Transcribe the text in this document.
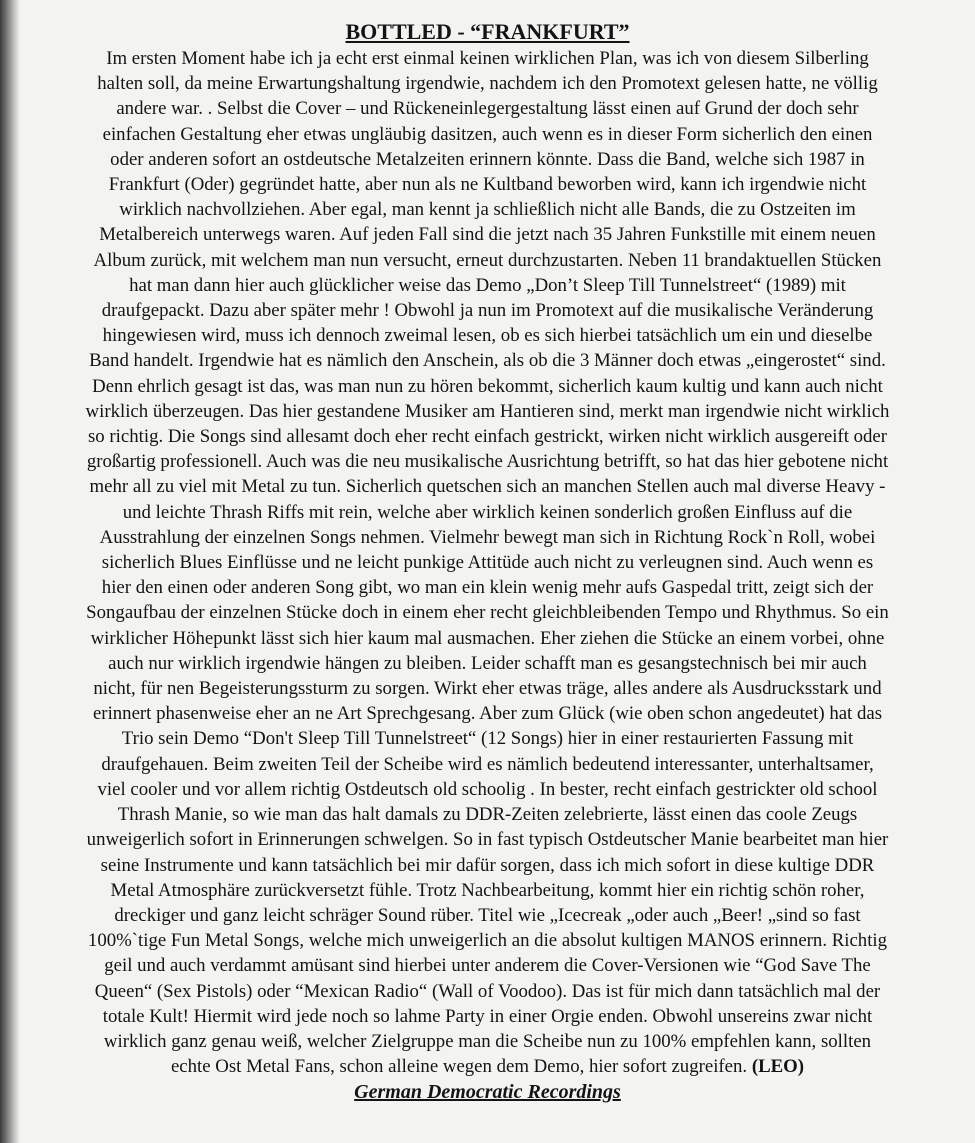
BOTTLED - “FRANKFURT”
Im ersten Moment habe ich ja echt erst einmal keinen wirklichen Plan, was ich von diesem Silberling
halten soll, da meine Erwartungshaltung irgendwie, nachdem ich den Promotext gelesen hatte, ne völlig
andere war. . Selbst die Cover – und Rückeneinlegergestaltung lässt einen auf Grund der doch sehr
einfachen Gestaltung eher etwas ungläubig dasitzen, auch wenn es in dieser Form sicherlich den einen
oder anderen sofort an ostdeutsche Metalzeiten erinnern könnte. Dass die Band, welche sich 1987 in
Frankfurt (Oder) gegründet hatte, aber nun als ne Kultband beworben wird, kann ich irgendwie nicht
wirklich nachvollziehen. Aber egal, man kennt ja schließlich nicht alle Bands, die zu Ostzeiten im
Metalbereich unterwegs waren. Auf jeden Fall sind die jetzt nach 35 Jahren Funkstille mit einem neuen
Album zurück, mit welchem man nun versucht, erneut durchzustarten. Neben 11 brandaktuellen Stücken
hat man dann hier auch glücklicher weise das Demo „Don’t Sleep Till Tunnelstreet“ (1989) mit
draufgepackt. Dazu aber später mehr ! Obwohl ja nun im Promotext auf die musikalische Veränderung
hingewiesen wird, muss ich dennoch zweimal lesen, ob es sich hierbei tatsächlich um ein und dieselbe
Band handelt. Irgendwie hat es nämlich den Anschein, als ob die 3 Männer doch etwas „eingerostet“ sind.
Denn ehrlich gesagt ist das, was man nun zu hören bekommt, sicherlich kaum kultig und kann auch nicht
wirklich überzeugen. Das hier gestandene Musiker am Hantieren sind, merkt man irgendwie nicht wirklich
so richtig. Die Songs sind allesamt doch eher recht einfach gestrickt, wirken nicht wirklich ausgereift oder
großartig professionell. Auch was die neu musikalische Ausrichtung betrifft, so hat das hier gebotene nicht
mehr all zu viel mit Metal zu tun. Sicherlich quetschen sich an manchen Stellen auch mal diverse Heavy -
und leichte Thrash Riffs mit rein, welche aber wirklich keinen sonderlich großen Einfluss auf die
Ausstrahlung der einzelnen Songs nehmen. Vielmehr bewegt man sich in Richtung Rock`n Roll, wobei
sicherlich Blues Einflüsse und ne leicht punkige Attitüde auch nicht zu verleugnen sind. Auch wenn es
hier den einen oder anderen Song gibt, wo man ein klein wenig mehr aufs Gaspedal tritt, zeigt sich der
Songaufbau der einzelnen Stücke doch in einem eher recht gleichbleibenden Tempo und Rhythmus. So ein
wirklicher Höhepunkt lässt sich hier kaum mal ausmachen. Eher ziehen die Stücke an einem vorbei, ohne
auch nur wirklich irgendwie hängen zu bleiben. Leider schafft man es gesangstechnisch bei mir auch
nicht, für nen Begeisterungssturm zu sorgen. Wirkt eher etwas träge, alles andere als Ausdrucksstark und
erinnert phasenweise eher an ne Art Sprechgesang. Aber zum Glück (wie oben schon angedeutet) hat das
Trio sein Demo “Don't Sleep Till Tunnelstreet“ (12 Songs) hier in einer restaurierten Fassung mit
draufgehauen. Beim zweiten Teil der Scheibe wird es nämlich bedeutend interessanter, unterhaltsamer,
viel cooler und vor allem richtig Ostdeutsch old schoolig . In bester, recht einfach gestrickter old school
Thrash Manie, so wie man das halt damals zu DDR-Zeiten zelebrierte, lässt einen das coole Zeugs
unweigerlich sofort in Erinnerungen schwelgen. So in fast typisch Ostdeutscher Manie bearbeitet man hier
seine Instrumente und kann tatsächlich bei mir dafür sorgen, dass ich mich sofort in diese kultige DDR
Metal Atmosphäre zurückversetzt fühle. Trotz Nachbearbeitung, kommt hier ein richtig schön roher,
dreckiger und ganz leicht schräger Sound rüber. Titel wie „Icecreak „oder auch „Beer! „sind so fast
100%`tige Fun Metal Songs, welche mich unweigerlich an die absolut kultigen MANOS erinnern. Richtig
geil und auch verdammt amüsant sind hierbei unter anderem die Cover-Versionen wie “God Save The
Queen“ (Sex Pistols) oder “Mexican Radio“ (Wall of Voodoo). Das ist für mich dann tatsächlich mal der
totale Kult! Hiermit wird jede noch so lahme Party in einer Orgie enden. Obwohl unsereins zwar nicht
wirklich ganz genau weiß, welcher Zielgruppe man die Scheibe nun zu 100% empfehlen kann, sollten
echte Ost Metal Fans, schon alleine wegen dem Demo, hier sofort zugreifen. (LEO)
German Democratic Recordings
